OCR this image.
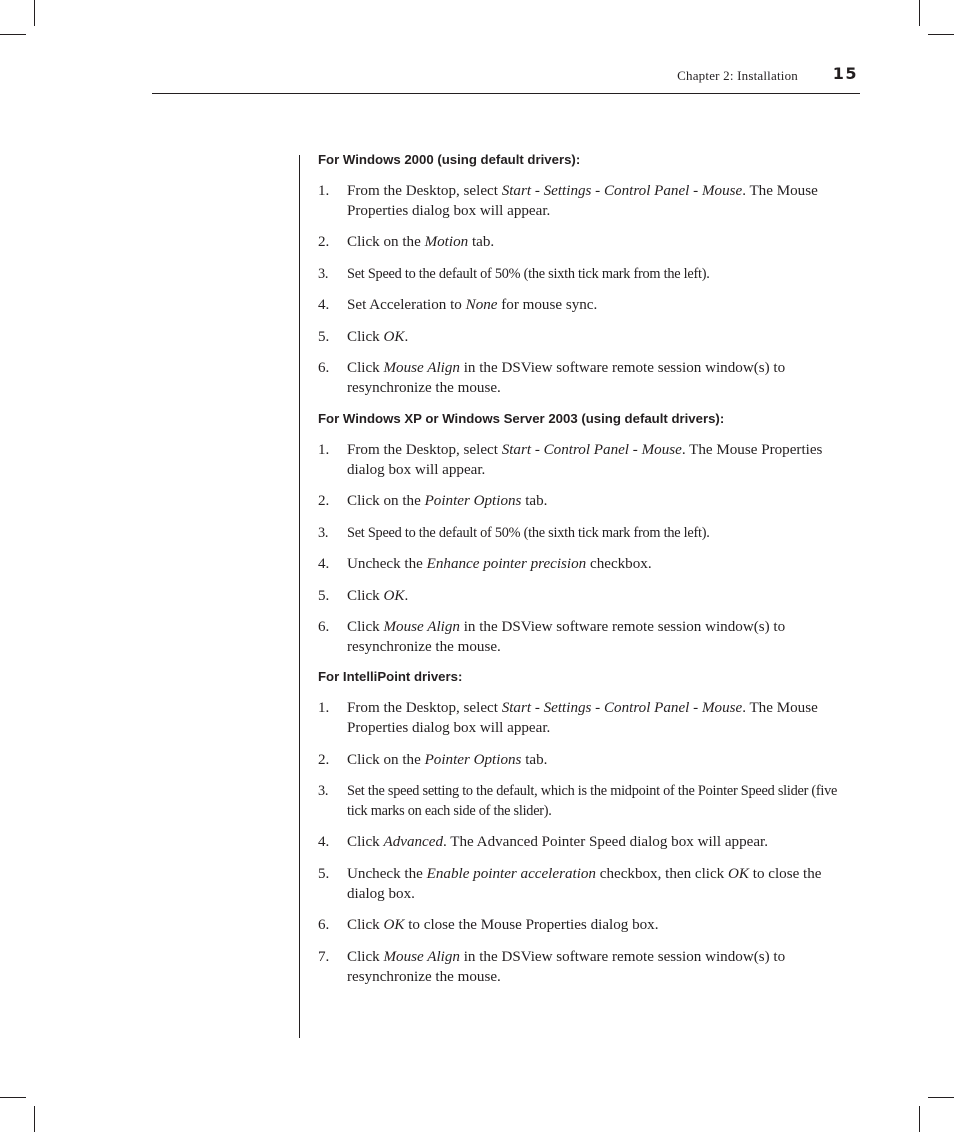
Chapter 2: Installation 15
For Windows 2000 (using default drivers):
1. From the Desktop, select Start - Settings - Control Panel - Mouse. The Mouse Properties dialog box will appear.
2. Click on the Motion tab.
3. Set Speed to the default of 50% (the sixth tick mark from the left).
4. Set Acceleration to None for mouse sync.
5. Click OK.
6. Click Mouse Align in the DSView software remote session window(s) to resynchronize the mouse.
For Windows XP or Windows Server 2003 (using default drivers):
1. From the Desktop, select Start - Control Panel - Mouse. The Mouse Properties dialog box will appear.
2. Click on the Pointer Options tab.
3. Set Speed to the default of 50% (the sixth tick mark from the left).
4. Uncheck the Enhance pointer precision checkbox.
5. Click OK.
6. Click Mouse Align in the DSView software remote session window(s) to resynchronize the mouse.
For IntelliPoint drivers:
1. From the Desktop, select Start - Settings - Control Panel - Mouse. The Mouse Properties dialog box will appear.
2. Click on the Pointer Options tab.
3. Set the speed setting to the default, which is the midpoint of the Pointer Speed slider (five tick marks on each side of the slider).
4. Click Advanced. The Advanced Pointer Speed dialog box will appear.
5. Uncheck the Enable pointer acceleration checkbox, then click OK to close the dialog box.
6. Click OK to close the Mouse Properties dialog box.
7. Click Mouse Align in the DSView software remote session window(s) to resynchronize the mouse.
